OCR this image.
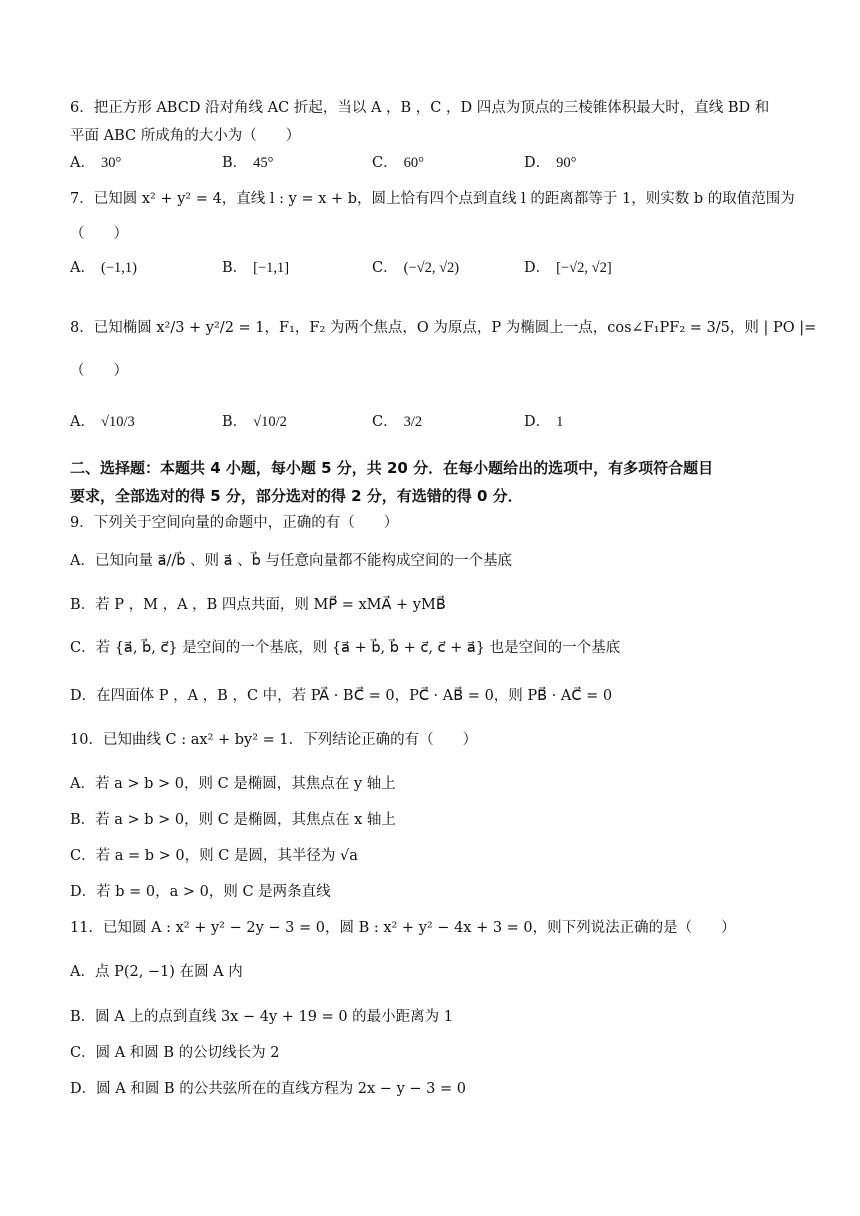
6．把正方形 ABCD 沿对角线 AC 折起，当以 A ，B ，C ，D 四点为顶点的三棱锥体积最大时，直线 BD 和
平面 ABC 所成角的大小为（　　）
A． 30°	B． 45°	C． 60°	D． 90°
7．已知圆 x² + y² = 4，直线 l : y = x + b，圆上恰有四个点到直线 l 的距离都等于 1，则实数 b 的取值范围为
（　　）
A． (−1,1)	B． [−1,1]	C． (−√2, √2)	D． [−√2, √2]
8．已知椭圆 x²/3 + y²/2 = 1，F₁，F₂ 为两个焦点，O 为原点，P 为椭圆上一点，cos∠F₁PF₂ = 3/5，则 | PO |=
（　　）
A． √10/3	B． √10/2	C． 3/2	D． 1
二、选择题：本题共 4 小题，每小题 5 分，共 20 分．在每小题给出的选项中，有多项符合题目
要求，全部选对的得 5 分，部分选对的得 2 分，有选错的得 0 分．
9．下列关于空间向量的命题中，正确的有（　　）
A．已知向量 a⃗//b⃗ 、则 a⃗ 、b⃗ 与任意向量都不能构成空间的一个基底
B．若 P ，M ，A ，B 四点共面，则 MP⃗ = xMA⃗ + yMB⃗
C．若 {a⃗, b⃗, c⃗} 是空间的一个基底，则 {a⃗ + b⃗, b⃗ + c⃗, c⃗ + a⃗} 也是空间的一个基底
D．在四面体 P ，A ，B ，C 中，若 PA⃗ · BC⃗ = 0，PC⃗ · AB⃗ = 0，则 PB⃗ · AC⃗ = 0
10．已知曲线 C : ax² + by² = 1．下列结论正确的有（　　）
A．若 a > b > 0，则 C 是椭圆，其焦点在 y 轴上
B．若 a > b > 0，则 C 是椭圆，其焦点在 x 轴上
C．若 a = b > 0，则 C 是圆，其半径为 √a
D．若 b = 0，a > 0，则 C 是两条直线
11．已知圆 A : x² + y² − 2y − 3 = 0，圆 B : x² + y² − 4x + 3 = 0，则下列说法正确的是（　　）
A．点 P(2, −1) 在圆 A 内
B．圆 A 上的点到直线 3x − 4y + 19 = 0 的最小距离为 1
C．圆 A 和圆 B 的公切线长为 2
D．圆 A 和圆 B 的公共弦所在的直线方程为 2x − y − 3 = 0
